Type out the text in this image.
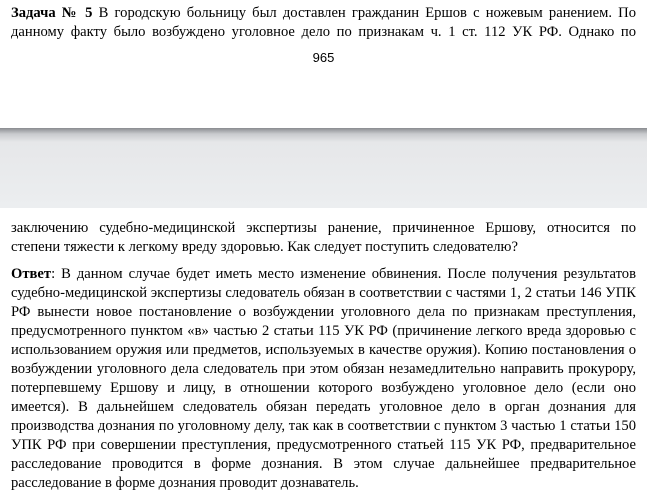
Задача № 5 В городскую больницу был доставлен гражданин Ершов с ножевым ранением. По
данному факту было возбуждено уголовное дело по признакам ч. 1 ст. 112 УК РФ. Однако по

965

заключению судебно-медицинской экспертизы ранение, причиненное Ершову, относится по
степени тяжести к легкому вреду здоровью. Как следует поступить следователю?

Ответ: В данном случае будет иметь место изменение обвинения. После получения результатов
судебно-медицинской экспертизы следователь обязан в соответствии с частями 1, 2 статьи 146 УПК
РФ вынести новое постановление о возбуждении уголовного дела по признакам преступления,
предусмотренного пунктом «в» частью 2 статьи 115 УК РФ (причинение легкого вреда здоровью с
использованием оружия или предметов, используемых в качестве оружия). Копию постановления о
возбуждении уголовного дела следователь при этом обязан незамедлительно направить прокурору,
потерпевшему Ершову и лицу, в отношении которого возбуждено уголовное дело (если оно
имеется). В дальнейшем следователь обязан передать уголовное дело в орган дознания для
производства дознания по уголовному делу, так как в соответствии с пунктом 3 частью 1 статьи 150
УПК РФ при совершении преступления, предусмотренного статьей 115 УК РФ, предварительное
расследование проводится в форме дознания. В этом случае дальнейшее предварительное
расследование в форме дознания проводит дознаватель.
